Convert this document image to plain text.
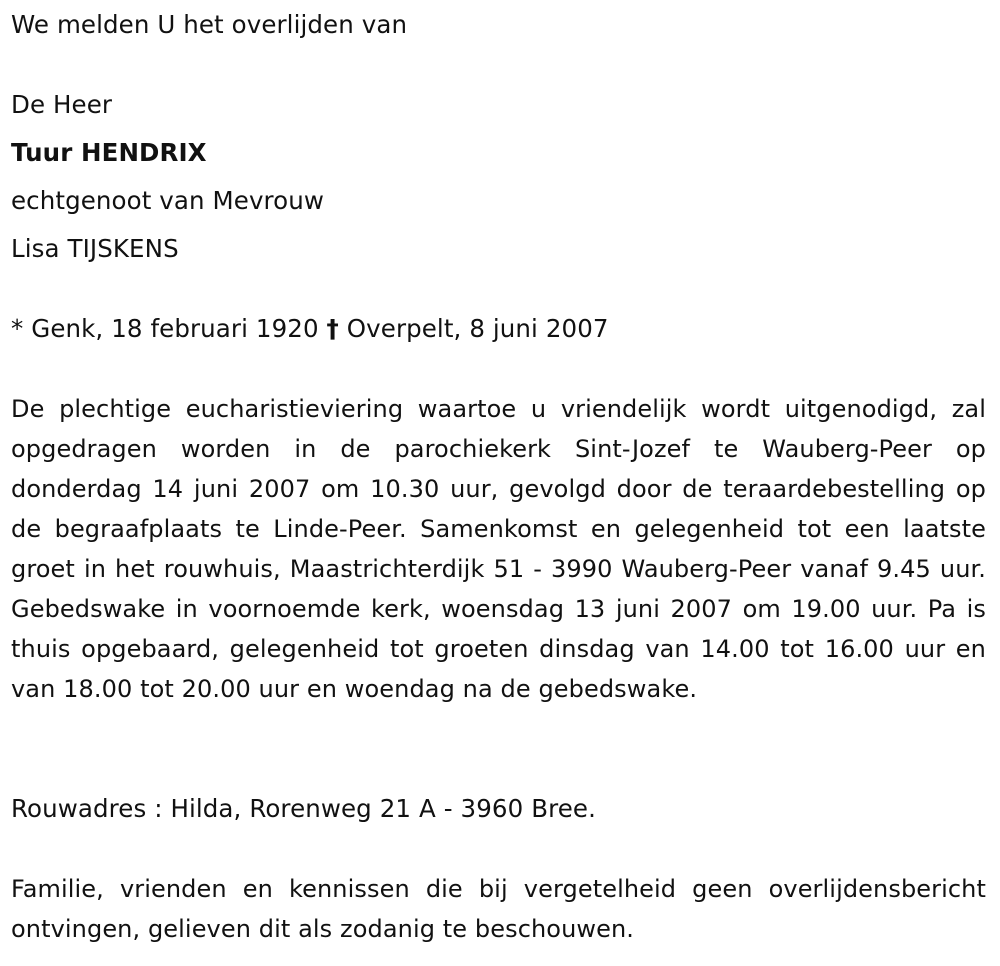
We melden U het overlijden van
De Heer
Tuur HENDRIX
echtgenoot van Mevrouw
Lisa TIJSKENS
* Genk, 18 februari 1920 † Overpelt, 8 juni 2007
De plechtige eucharistieviering waartoe u vriendelijk wordt uitgenodigd, zal opgedragen worden in de parochiekerk Sint-Jozef te Wauberg-Peer op donderdag 14 juni 2007 om 10.30 uur, gevolgd door de teraardebestelling op de begraafplaats te Linde-Peer. Samenkomst en gelegenheid tot een laatste groet in het rouwhuis, Maastrichterdijk 51 - 3990 Wauberg-Peer vanaf 9.45 uur. Gebedswake in voornoemde kerk, woensdag 13 juni 2007 om 19.00 uur. Pa is thuis opgebaard, gelegenheid tot groeten dinsdag van 14.00 tot 16.00 uur en van 18.00 tot 20.00 uur en woendag na de gebedswake.
Rouwadres : Hilda, Rorenweg 21 A - 3960 Bree.
Familie, vrienden en kennissen die bij vergetelheid geen overlijdensbericht ontvingen, gelieven dit als zodanig te beschouwen.
